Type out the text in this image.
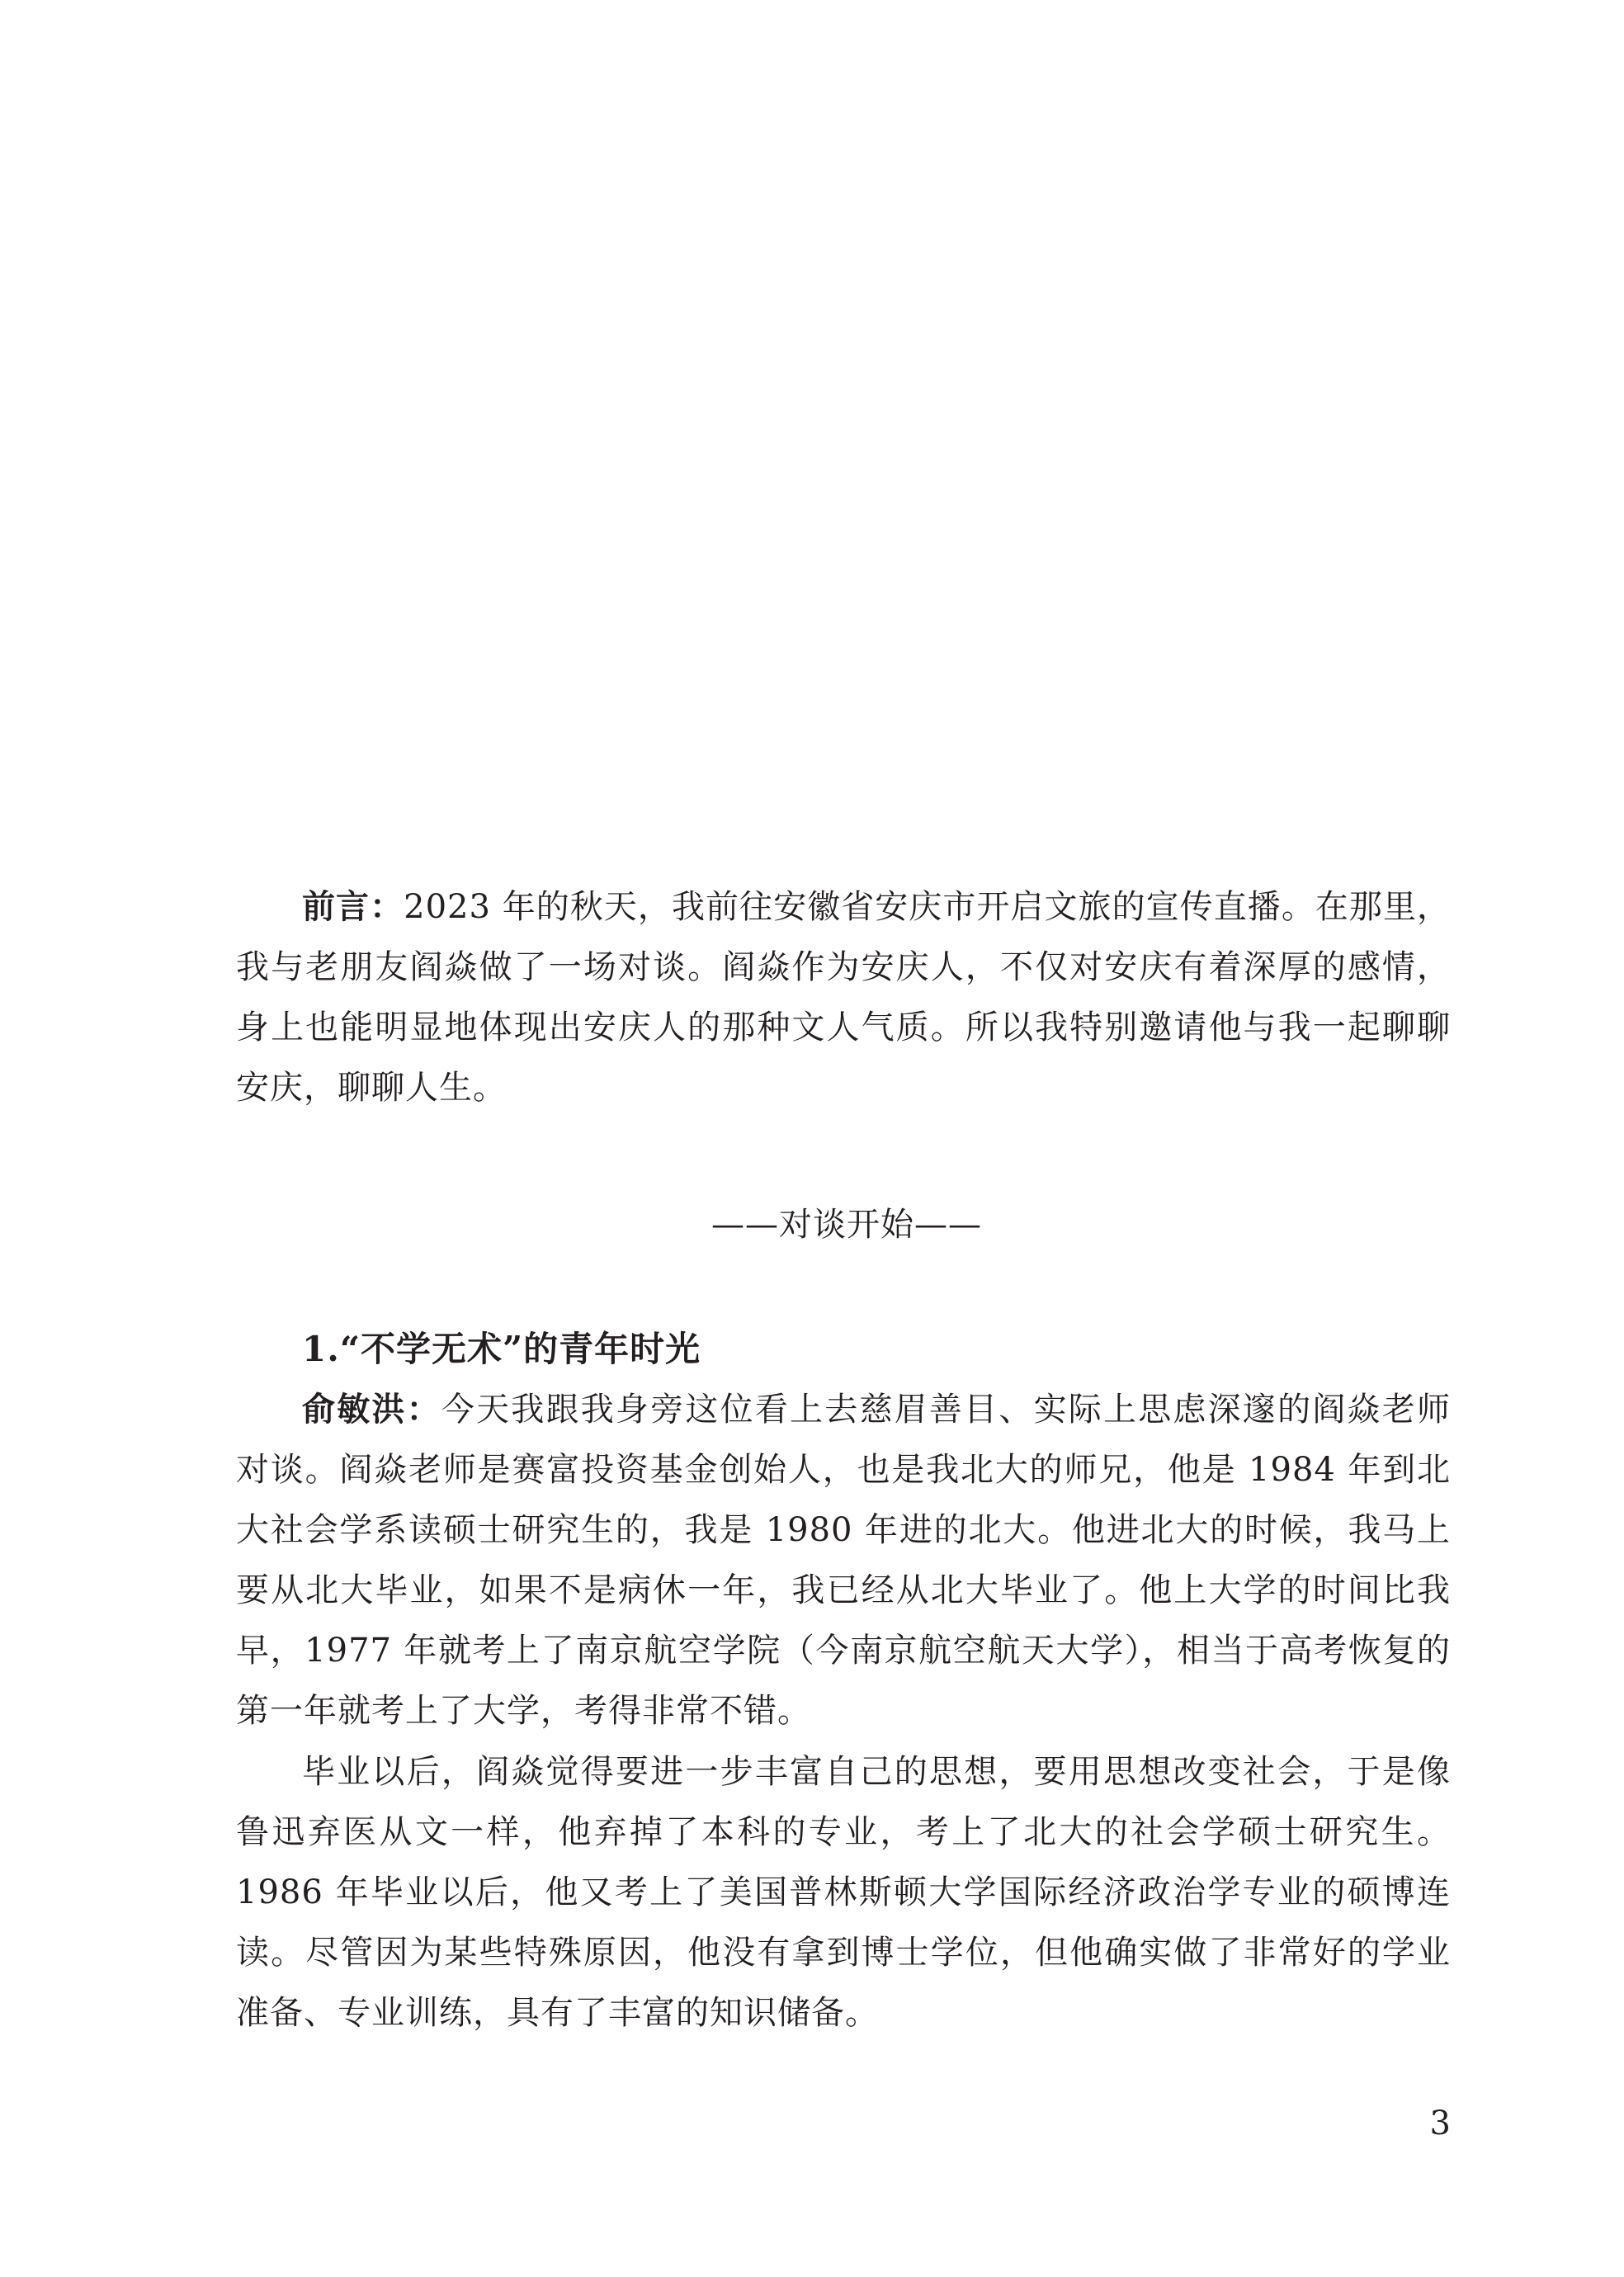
前言：2023 年的秋天，我前往安徽省安庆市开启文旅的宣传直播。在那里，我与老朋友阎焱做了一场对谈。阎焱作为安庆人，不仅对安庆有着深厚的感情，身上也能明显地体现出安庆人的那种文人气质。所以我特别邀请他与我一起聊聊安庆，聊聊人生。

——对谈开始——
1.“不学无术”的青年时光

俞敏洪：今天我跟我身旁这位看上去慈眉善目、实际上思虑深邃的阎焱老师对谈。阎焱老师是赛富投资基金创始人，也是我北大的师兄，他是 1984 年到北大社会学系读硕士研究生的，我是 1980 年进的北大。他进北大的时候，我马上要从北大毕业，如果不是病休一年，我已经从北大毕业了。他上大学的时间比我早，1977 年就考上了南京航空学院（今南京航空航天大学），相当于高考恢复的第一年就考上了大学，考得非常不错。

毕业以后，阎焱觉得要进一步丰富自己的思想，要用思想改变社会，于是像鲁迅弃医从文一样，他弃掉了本科的专业，考上了北大的社会学硕士研究生。1986 年毕业以后，他又考上了美国普林斯顿大学国际经济政治学专业的硕博连读。尽管因为某些特殊原因，他没有拿到博士学位，但他确实做了非常好的学业准备、专业训练，具有了丰富的知识储备。

3
